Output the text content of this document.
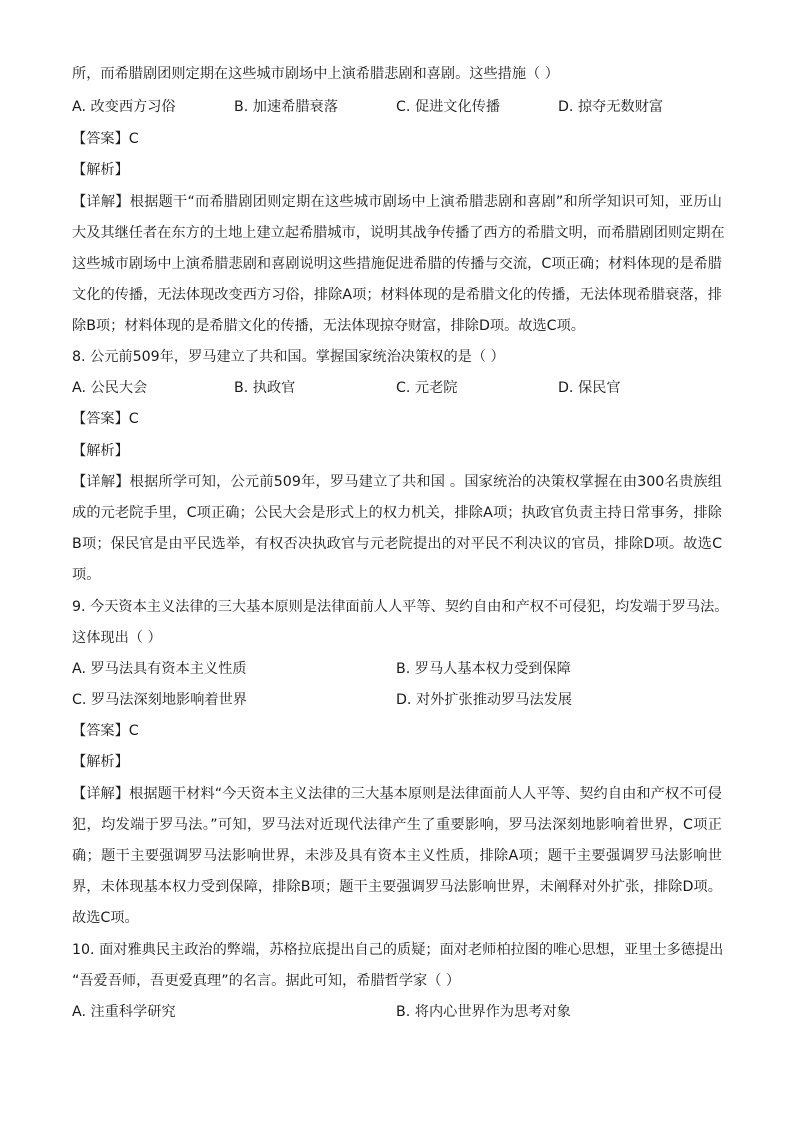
所，而希腊剧团则定期在这些城市剧场中上演希腊悲剧和喜剧。这些措施（ ）
A. 改变西方习俗	B. 加速希腊衰落	C. 促进文化传播	D. 掠夺无数财富
【答案】C
【解析】
【详解】根据题干“而希腊剧团则定期在这些城市剧场中上演希腊悲剧和喜剧”和所学知识可知，亚历山
大及其继任者在东方的土地上建立起希腊城市，说明其战争传播了西方的希腊文明，而希腊剧团则定期在
这些城市剧场中上演希腊悲剧和喜剧说明这些措施促进希腊的传播与交流，C项正确；材料体现的是希腊
文化的传播，无法体现改变西方习俗，排除A项；材料体现的是希腊文化的传播，无法体现希腊衰落，排
除B项；材料体现的是希腊文化的传播，无法体现掠夺财富，排除D项。故选C项。
8. 公元前509年，罗马建立了共和国。掌握国家统治决策权的是（ ）
A. 公民大会	B. 执政官	C. 元老院	D. 保民官
【答案】C
【解析】
【详解】根据所学可知，公元前509年，罗马建立了共和国 。国家统治的决策权掌握在由300名贵族组
成的元老院手里，C项正确；公民大会是形式上的权力机关，排除A项；执政官负责主持日常事务，排除
B项；保民官是由平民选举，有权否决执政官与元老院提出的对平民不利决议的官员，排除D项。故选C
项。
9. 今天资本主义法律的三大基本原则是法律面前人人平等、契约自由和产权不可侵犯，均发端于罗马法。
这体现出（ ）
A. 罗马法具有资本主义性质	B. 罗马人基本权力受到保障
C. 罗马法深刻地影响着世界	D. 对外扩张推动罗马法发展
【答案】C
【解析】
【详解】根据题干材料“今天资本主义法律的三大基本原则是法律面前人人平等、契约自由和产权不可侵
犯，均发端于罗马法。”可知，罗马法对近现代法律产生了重要影响，罗马法深刻地影响着世界，C项正
确；题干主要强调罗马法影响世界，未涉及具有资本主义性质，排除A项；题干主要强调罗马法影响世
界，未体现基本权力受到保障，排除B项；题干主要强调罗马法影响世界，未阐释对外扩张，排除D项。
故选C项。
10. 面对雅典民主政治的弊端，苏格拉底提出自己的质疑；面对老师柏拉图的唯心思想，亚里士多德提出
“吾爱吾师，吾更爱真理”的名言。据此可知，希腊哲学家（ ）
A. 注重科学研究	B. 将内心世界作为思考对象
